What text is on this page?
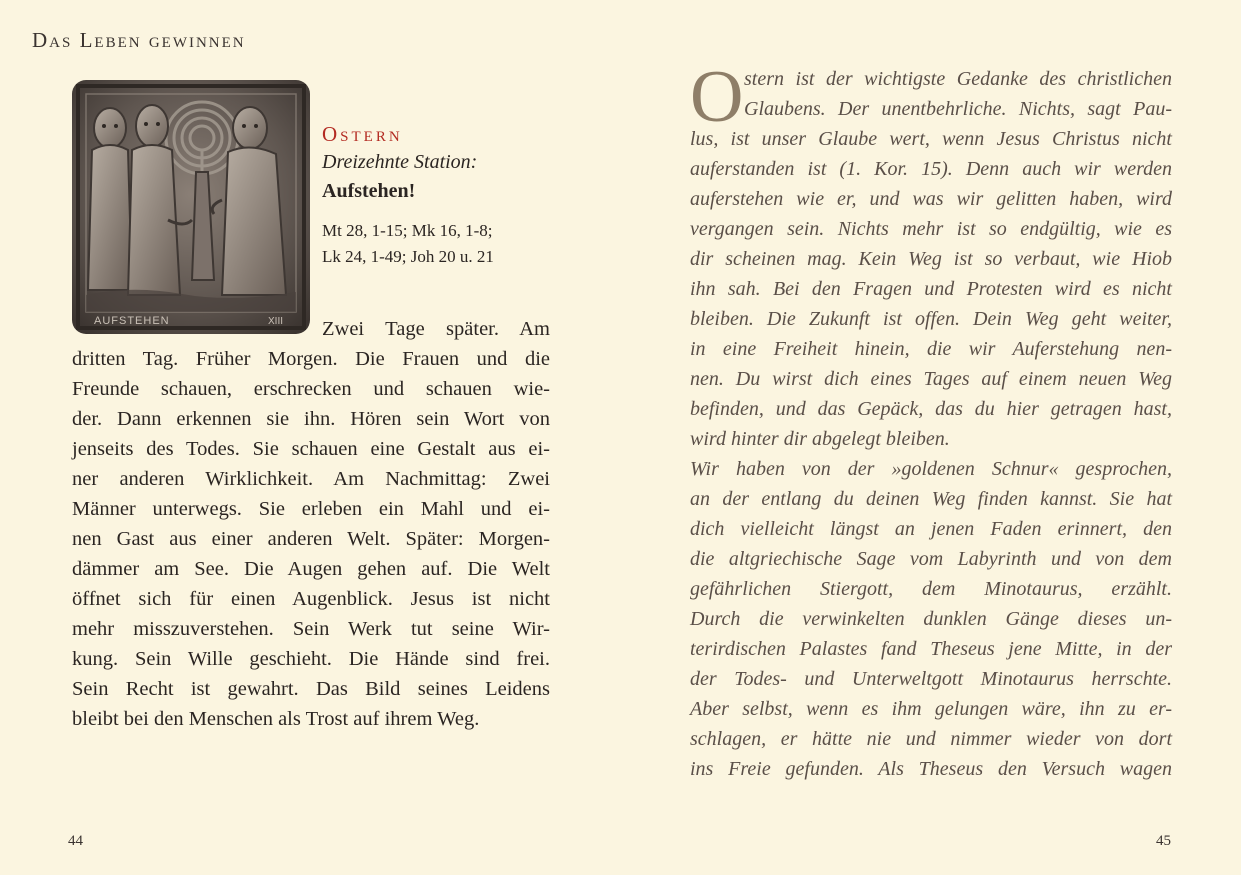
Das Leben gewinnen
AUFSTEHEN	XIII
Ostern
Dreizehnte Station:
Aufstehen!
Mt 28, 1-15; Mk 16, 1-8;
Lk 24, 1-49; Joh 20 u. 21
Zwei Tage später. Am
dritten Tag. Früher Morgen. Die Frauen und die
Freunde schauen, erschrecken und schauen wie-
der. Dann erkennen sie ihn. Hören sein Wort von
jenseits des Todes. Sie schauen eine Gestalt aus ei-
ner anderen Wirklichkeit. Am Nachmittag: Zwei
Männer unterwegs. Sie erleben ein Mahl und ei-
nen Gast aus einer anderen Welt. Später: Morgen-
dämmer am See. Die Augen gehen auf. Die Welt
öffnet sich für einen Augenblick. Jesus ist nicht
mehr misszuverstehen. Sein Werk tut seine Wir-
kung. Sein Wille geschieht. Die Hände sind frei.
Sein Recht ist gewahrt. Das Bild seines Leidens
bleibt bei den Menschen als Trost auf ihrem Weg.
O stern ist der wichtigste Gedanke des christlichen
Glaubens. Der unentbehrliche. Nichts, sagt Pau-
lus, ist unser Glaube wert, wenn Jesus Christus nicht
auferstanden ist (1. Kor. 15). Denn auch wir werden
auferstehen wie er, und was wir gelitten haben, wird
vergangen sein. Nichts mehr ist so endgültig, wie es
dir scheinen mag. Kein Weg ist so verbaut, wie Hiob
ihn sah. Bei den Fragen und Protesten wird es nicht
bleiben. Die Zukunft ist offen. Dein Weg geht weiter,
in eine Freiheit hinein, die wir Auferstehung nen-
nen. Du wirst dich eines Tages auf einem neuen Weg
befinden, und das Gepäck, das du hier getragen hast,
wird hinter dir abgelegt bleiben.
Wir haben von der »goldenen Schnur« gesprochen,
an der entlang du deinen Weg finden kannst. Sie hat
dich vielleicht längst an jenen Faden erinnert, den
die altgriechische Sage vom Labyrinth und von dem
gefährlichen Stiergott, dem Minotaurus, erzählt.
Durch die verwinkelten dunklen Gänge dieses un-
terirdischen Palastes fand Theseus jene Mitte, in der
der Todes- und Unterweltgott Minotaurus herrschte.
Aber selbst, wenn es ihm gelungen wäre, ihn zu er-
schlagen, er hätte nie und nimmer wieder von dort
ins Freie gefunden. Als Theseus den Versuch wagen
44	45
